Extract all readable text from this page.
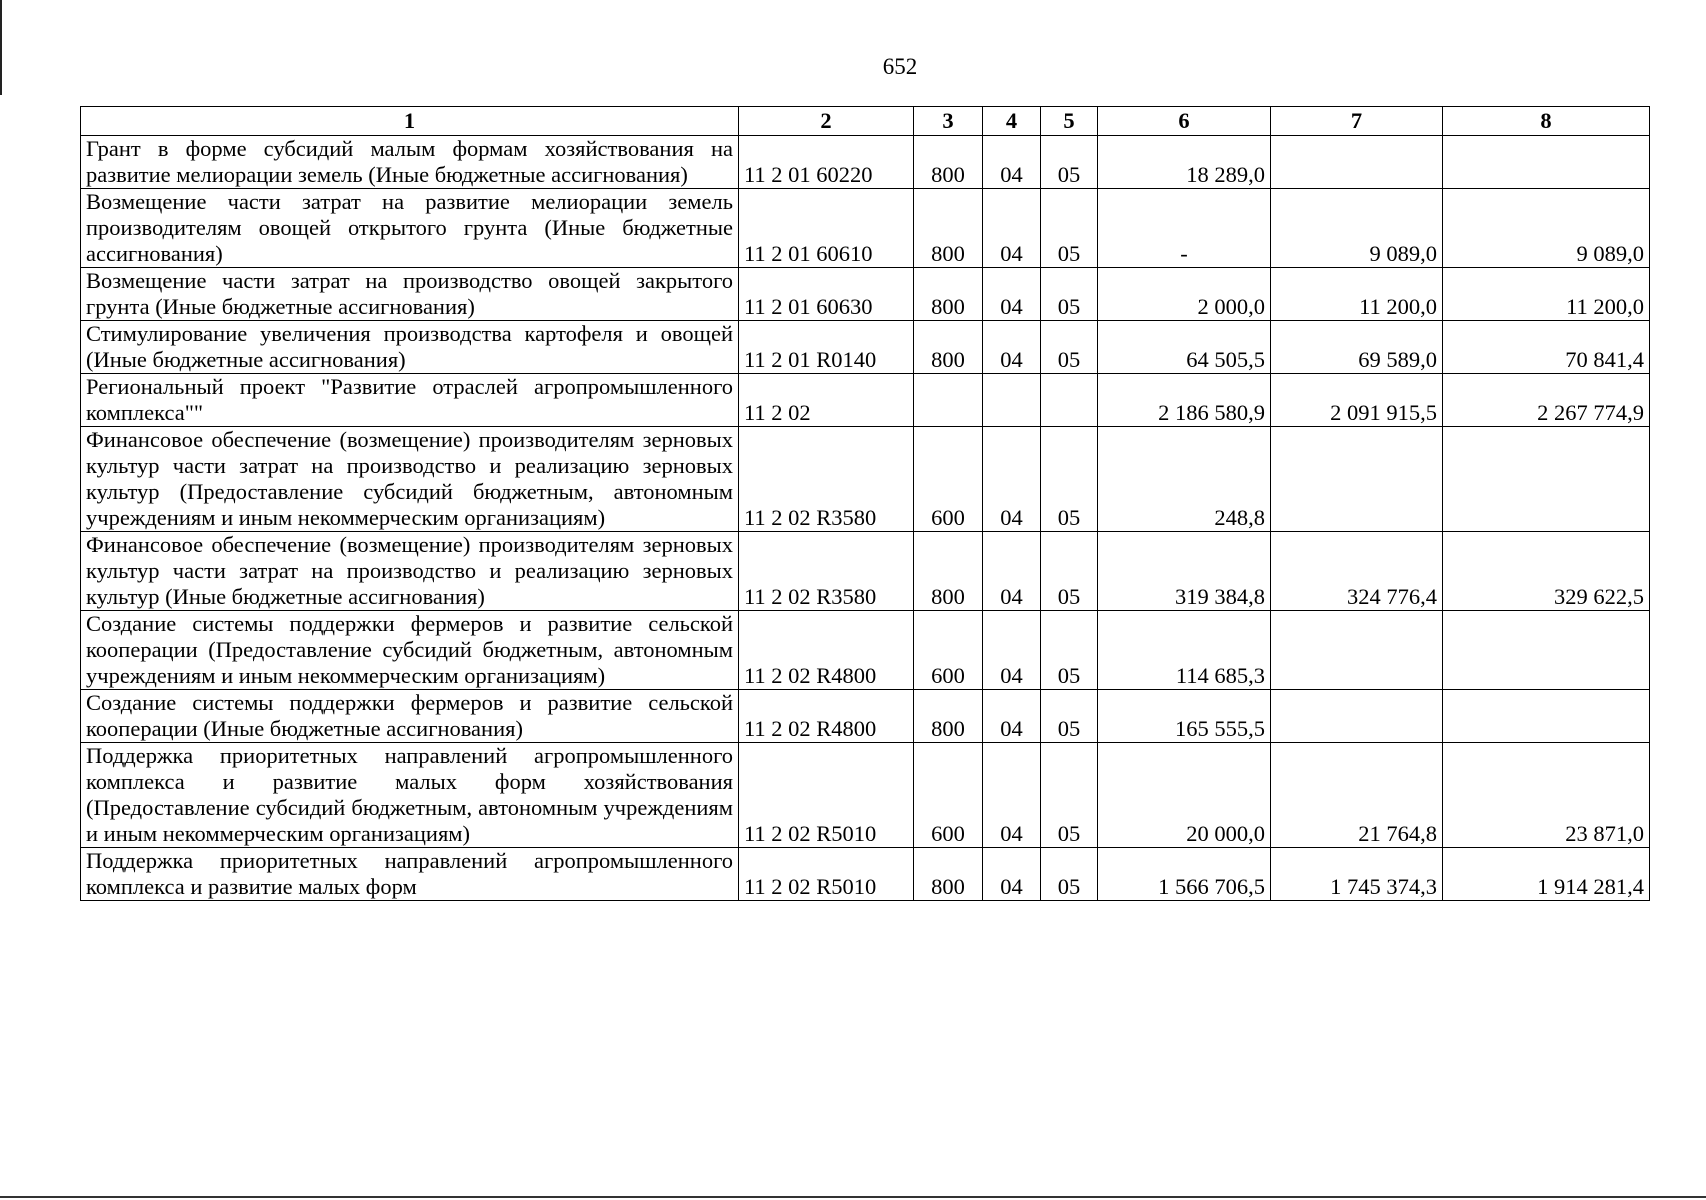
652
1	2	3	4	5	6	7	8
Грант в форме субсидий малым формам хозяйствования на развитие мелиорации земель (Иные бюджетные ассигнования)	11 2 01 60220	800	04	05	18 289,0		
Возмещение части затрат на развитие мелиорации земель производителям овощей открытого грунта (Иные бюджетные ассигнования)	11 2 01 60610	800	04	05	-	9 089,0	9 089,0
Возмещение части затрат на производство овощей закрытого грунта (Иные бюджетные ассигнования)	11 2 01 60630	800	04	05	2 000,0	11 200,0	11 200,0
Стимулирование увеличения производства картофеля и овощей (Иные бюджетные ассигнования)	11 2 01 R0140	800	04	05	64 505,5	69 589,0	70 841,4
Региональный проект "Развитие отраслей агропромышленного комплекса""	11 2 02				2 186 580,9	2 091 915,5	2 267 774,9
Финансовое обеспечение (возмещение) производителям зерновых культур части затрат на производство и реализацию зерновых культур (Предоставление субсидий бюджетным, автономным учреждениям и иным некоммерческим организациям)	11 2 02 R3580	600	04	05	248,8		
Финансовое обеспечение (возмещение) производителям зерновых культур части затрат на производство и реализацию зерновых культур (Иные бюджетные ассигнования)	11 2 02 R3580	800	04	05	319 384,8	324 776,4	329 622,5
Создание системы поддержки фермеров и развитие сельской кооперации (Предоставление субсидий бюджетным, автономным учреждениям и иным некоммерческим организациям)	11 2 02 R4800	600	04	05	114 685,3		
Создание системы поддержки фермеров и развитие сельской кооперации (Иные бюджетные ассигнования)	11 2 02 R4800	800	04	05	165 555,5		
Поддержка приоритетных направлений агропромышленного комплекса и развитие малых форм хозяйствования (Предоставление субсидий бюджетным, автономным учреждениям и иным некоммерческим организациям)	11 2 02 R5010	600	04	05	20 000,0	21 764,8	23 871,0
Поддержка приоритетных направлений агропромышленного комплекса и развитие малых форм	11 2 02 R5010	800	04	05	1 566 706,5	1 745 374,3	1 914 281,4
